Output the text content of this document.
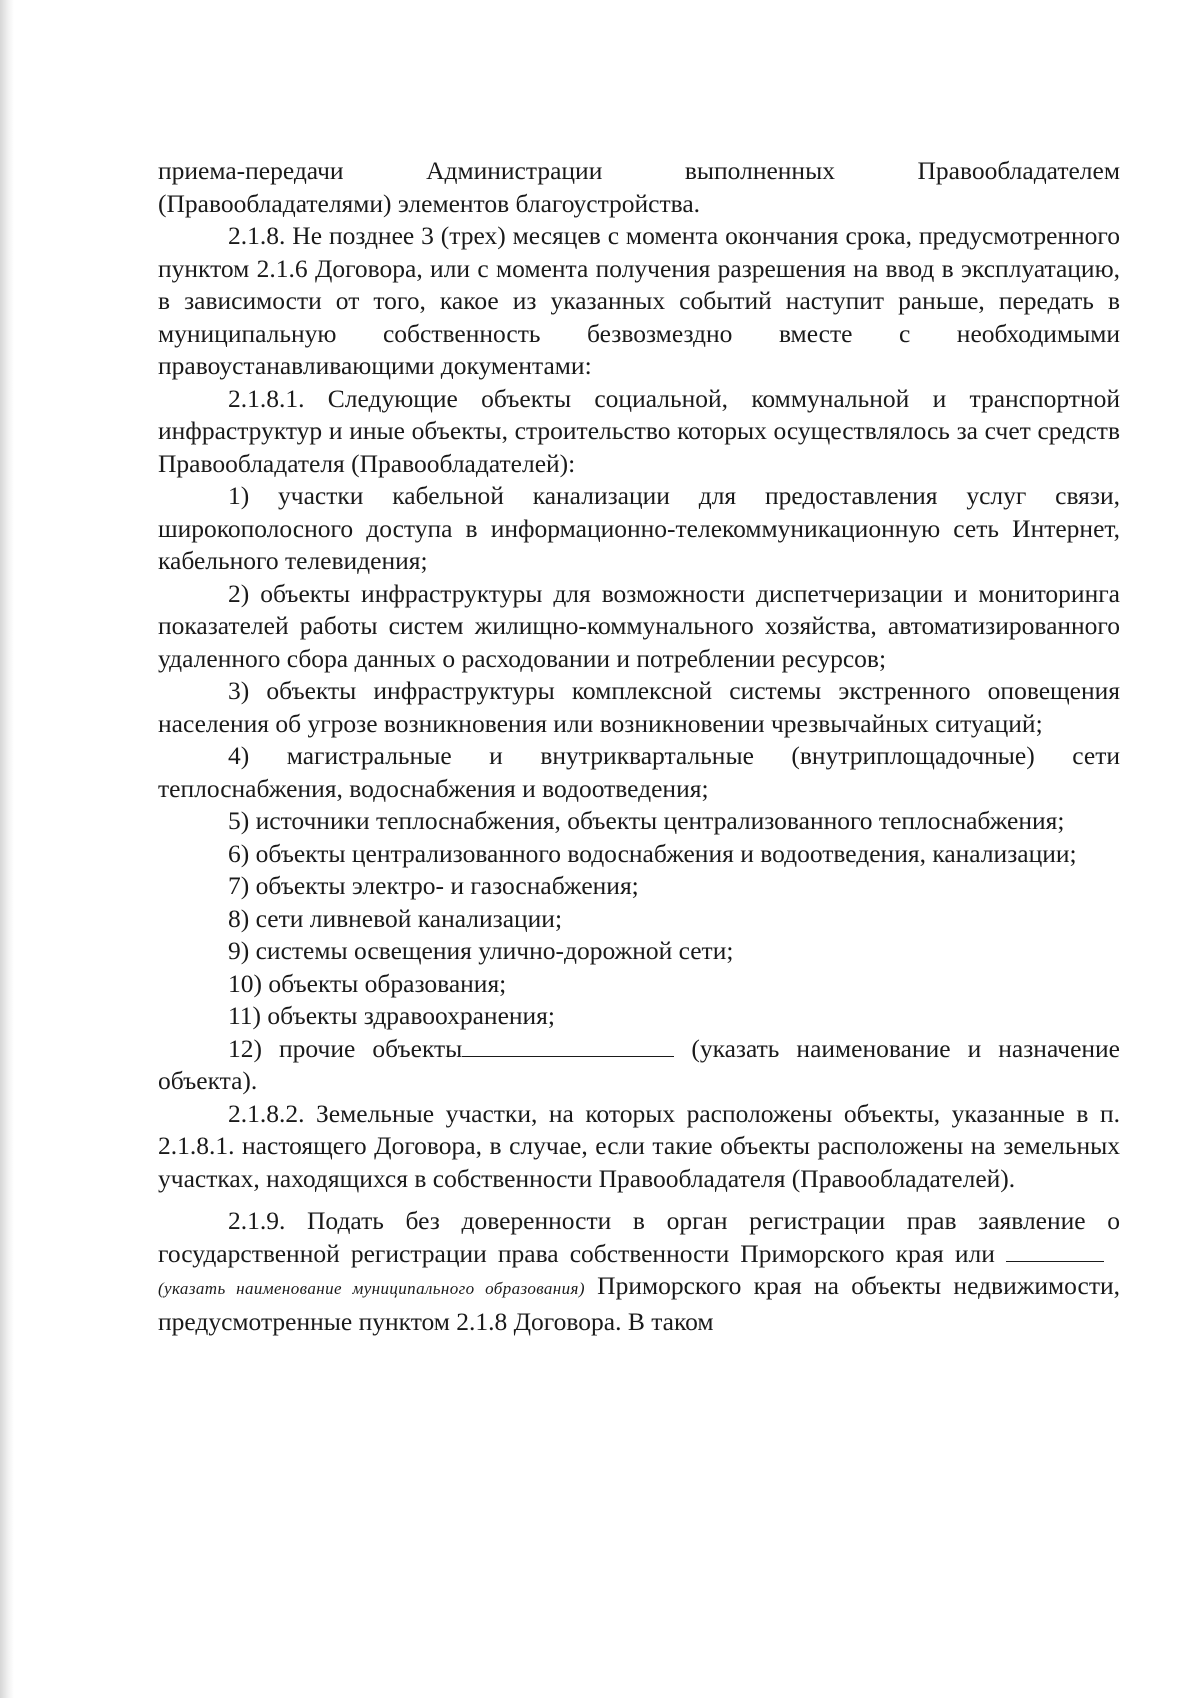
приема-передачи Администрации выполненных Правообладателем (Правообладателями) элементов благоустройства.

2.1.8. Не позднее 3 (трех) месяцев с момента окончания срока, предусмотренного пунктом 2.1.6 Договора, или с момента получения разрешения на ввод в эксплуатацию, в зависимости от того, какое из указанных событий наступит раньше, передать в муниципальную собственность безвозмездно вместе с необходимыми правоустанавливающими документами:

2.1.8.1. Следующие объекты социальной, коммунальной и транспортной инфраструктур и иные объекты, строительство которых осуществлялось за счет средств Правообладателя (Правообладателей):

1) участки кабельной канализации для предоставления услуг связи, широкополосного доступа в информационно-телекоммуникационную сеть Интернет, кабельного телевидения;

2) объекты инфраструктуры для возможности диспетчеризации и мониторинга показателей работы систем жилищно-коммунального хозяйства, автоматизированного удаленного сбора данных о расходовании и потреблении ресурсов;

3) объекты инфраструктуры комплексной системы экстренного оповещения населения об угрозе возникновения или возникновении чрезвычайных ситуаций;

4) магистральные и внутриквартальные (внутриплощадочные) сети теплоснабжения, водоснабжения и водоотведения;

5) источники теплоснабжения, объекты централизованного теплоснабжения;

6) объекты централизованного водоснабжения и водоотведения, канализации;

7) объекты электро- и газоснабжения;

8) сети ливневой канализации;

9) системы освещения улично-дорожной сети;

10) объекты образования;

11) объекты здравоохранения;

12) прочие объекты	(указать наименование и назначение объекта).

2.1.8.2. Земельные участки, на которых расположены объекты, указанные в п. 2.1.8.1. настоящего Договора, в случае, если такие объекты расположены на земельных участках, находящихся в собственности Правообладателя (Правообладателей).

2.1.9. Подать без доверенности в орган регистрации прав заявление о государственной регистрации права собственности Приморского края или (указать наименование муниципального образования) Приморского края на объекты недвижимости, предусмотренные пунктом 2.1.8 Договора. В таком
